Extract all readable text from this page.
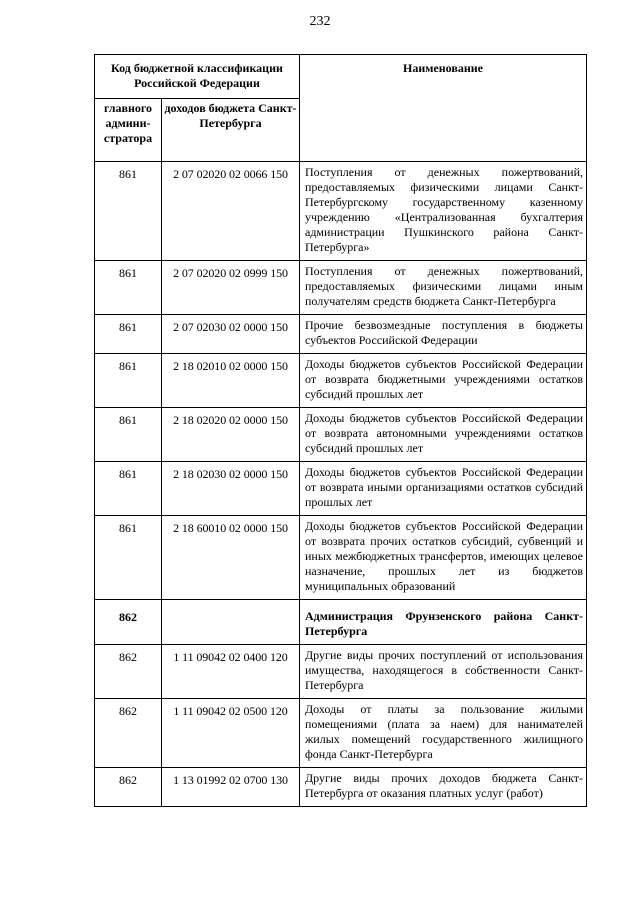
232
Код бюджетной классификации Российской Федерации		Наименование
главного админи-стратора	доходов бюджета Санкт-Петербурга	
861	2 07 02020 02 0066 150	Поступления от денежных пожертвований, предоставляемых физическими лицами Санкт-Петербургскому государственному казенному учреждению «Централизованная бухгалтерия администрации Пушкинского района Санкт-Петербурга»
861	2 07 02020 02 0999 150	Поступления от денежных пожертвований, предоставляемых физическими лицами иным получателям средств бюджета Санкт-Петербурга
861	2 07 02030 02 0000 150	Прочие безвозмездные поступления в бюджеты субъектов Российской Федерации
861	2 18 02010 02 0000 150	Доходы бюджетов субъектов Российской Федерации от возврата бюджетными учреждениями остатков субсидий прошлых лет
861	2 18 02020 02 0000 150	Доходы бюджетов субъектов Российской Федерации от возврата автономными учреждениями остатков субсидий прошлых лет
861	2 18 02030 02 0000 150	Доходы бюджетов субъектов Российской Федерации от возврата иными организациями остатков субсидий прошлых лет
861	2 18 60010 02 0000 150	Доходы бюджетов субъектов Российской Федерации от возврата прочих остатков субсидий, субвенций и иных межбюджетных трансфертов, имеющих целевое назначение, прошлых лет из бюджетов муниципальных образований
862		Администрация Фрунзенского района Санкт-Петербурга
862	1 11 09042 02 0400 120	Другие виды прочих поступлений от использования имущества, находящегося в собственности Санкт-Петербурга
862	1 11 09042 02 0500 120	Доходы от платы за пользование жилыми помещениями (плата за наем) для нанимателей жилых помещений государственного жилищного фонда Санкт-Петербурга
862	1 13 01992 02 0700 130	Другие виды прочих доходов бюджета Санкт-Петербурга от оказания платных услуг (работ)
